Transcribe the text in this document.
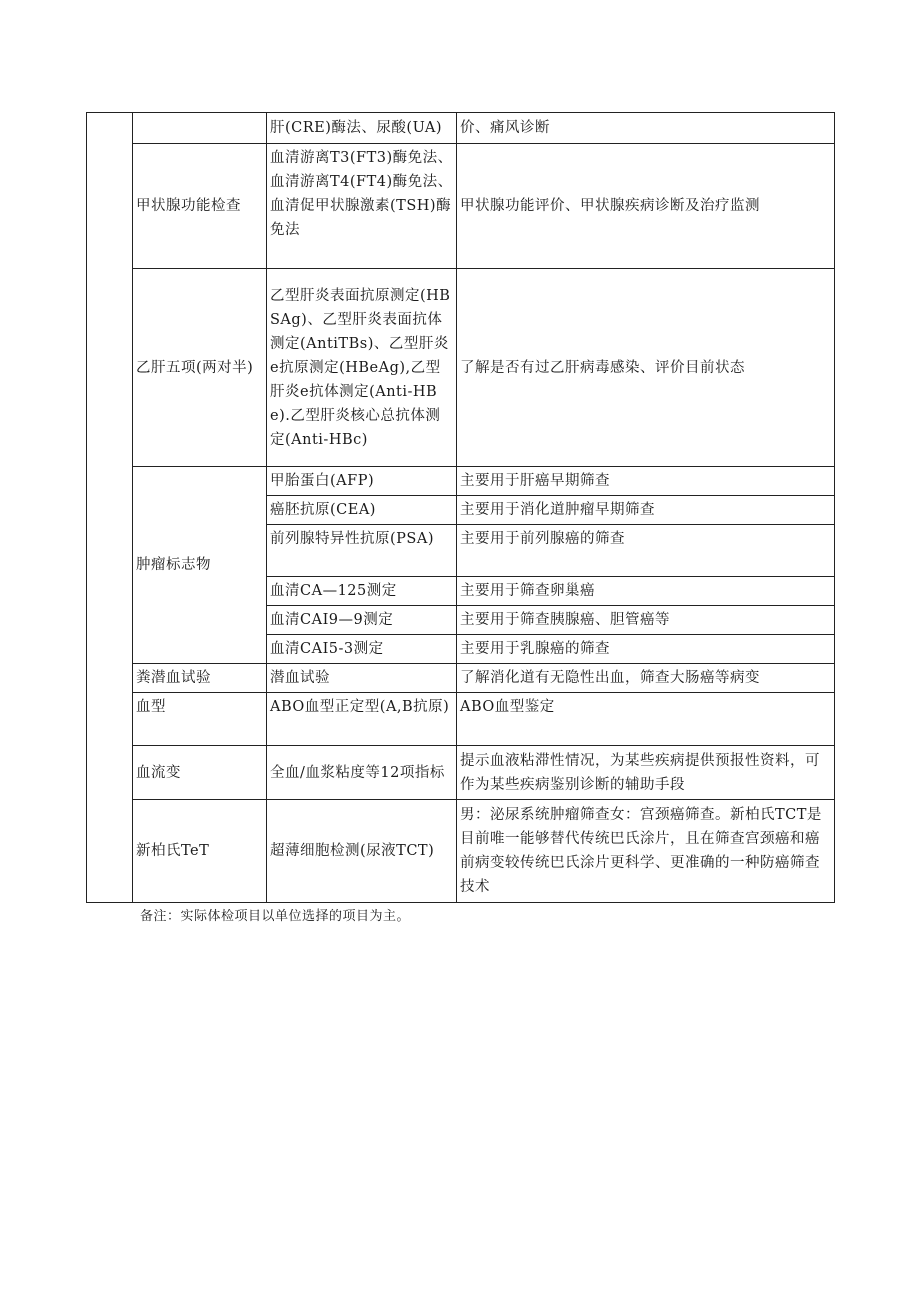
		肝(CRE)酶法、尿酸(UA)	价、痛风诊断
	甲状腺功能检查	血清游离T3(FT3)酶免法、血清游离T4(FT4)酶免法、血清促甲状腺激素(TSH)酶免法	甲状腺功能评价、甲状腺疾病诊断及治疗监测
	乙肝五项(两对半)	乙型肝炎表面抗原测定(HBSAg)、乙型肝炎表面抗体测定(AntiTBs)、乙型肝炎e抗原测定(HBeAg),乙型肝炎e抗体测定(Anti-HBe).乙型肝炎核心总抗体测定(Anti-HBc)	了解是否有过乙肝病毒感染、评价目前状态
	肿瘤标志物	甲胎蛋白(AFP)	主要用于肝癌早期筛查
		癌胚抗原(CEA)	主要用于消化道肿瘤早期筛查
		前列腺特异性抗原(PSA)	主要用于前列腺癌的筛查
		血清CA—125测定	主要用于筛查卵巢癌
		血清CAI9—9测定	主要用于筛查胰腺癌、胆管癌等
		血清CAI5-3测定	主要用于乳腺癌的筛查
	粪潜血试验	潜血试验	了解消化道有无隐性出血，筛查大肠癌等病变
	血型	ABO血型正定型(A,B抗原)	ABO血型鉴定
	血流变	全血/血浆粘度等12项指标	提示血液粘滞性情况，为某些疾病提供预报性资料，可作为某些疾病鉴别诊断的辅助手段
	新柏氏TeT	超薄细胞检测(尿液TCT)	男：泌尿系统肿瘤筛查女：宫颈癌筛查。新柏氏TCT是目前唯一能够替代传统巴氏涂片，且在筛查宫颈癌和癌前病变较传统巴氏涂片更科学、更准确的一种防癌筛查技术
备注：实际体检项目以单位选择的项目为主。
